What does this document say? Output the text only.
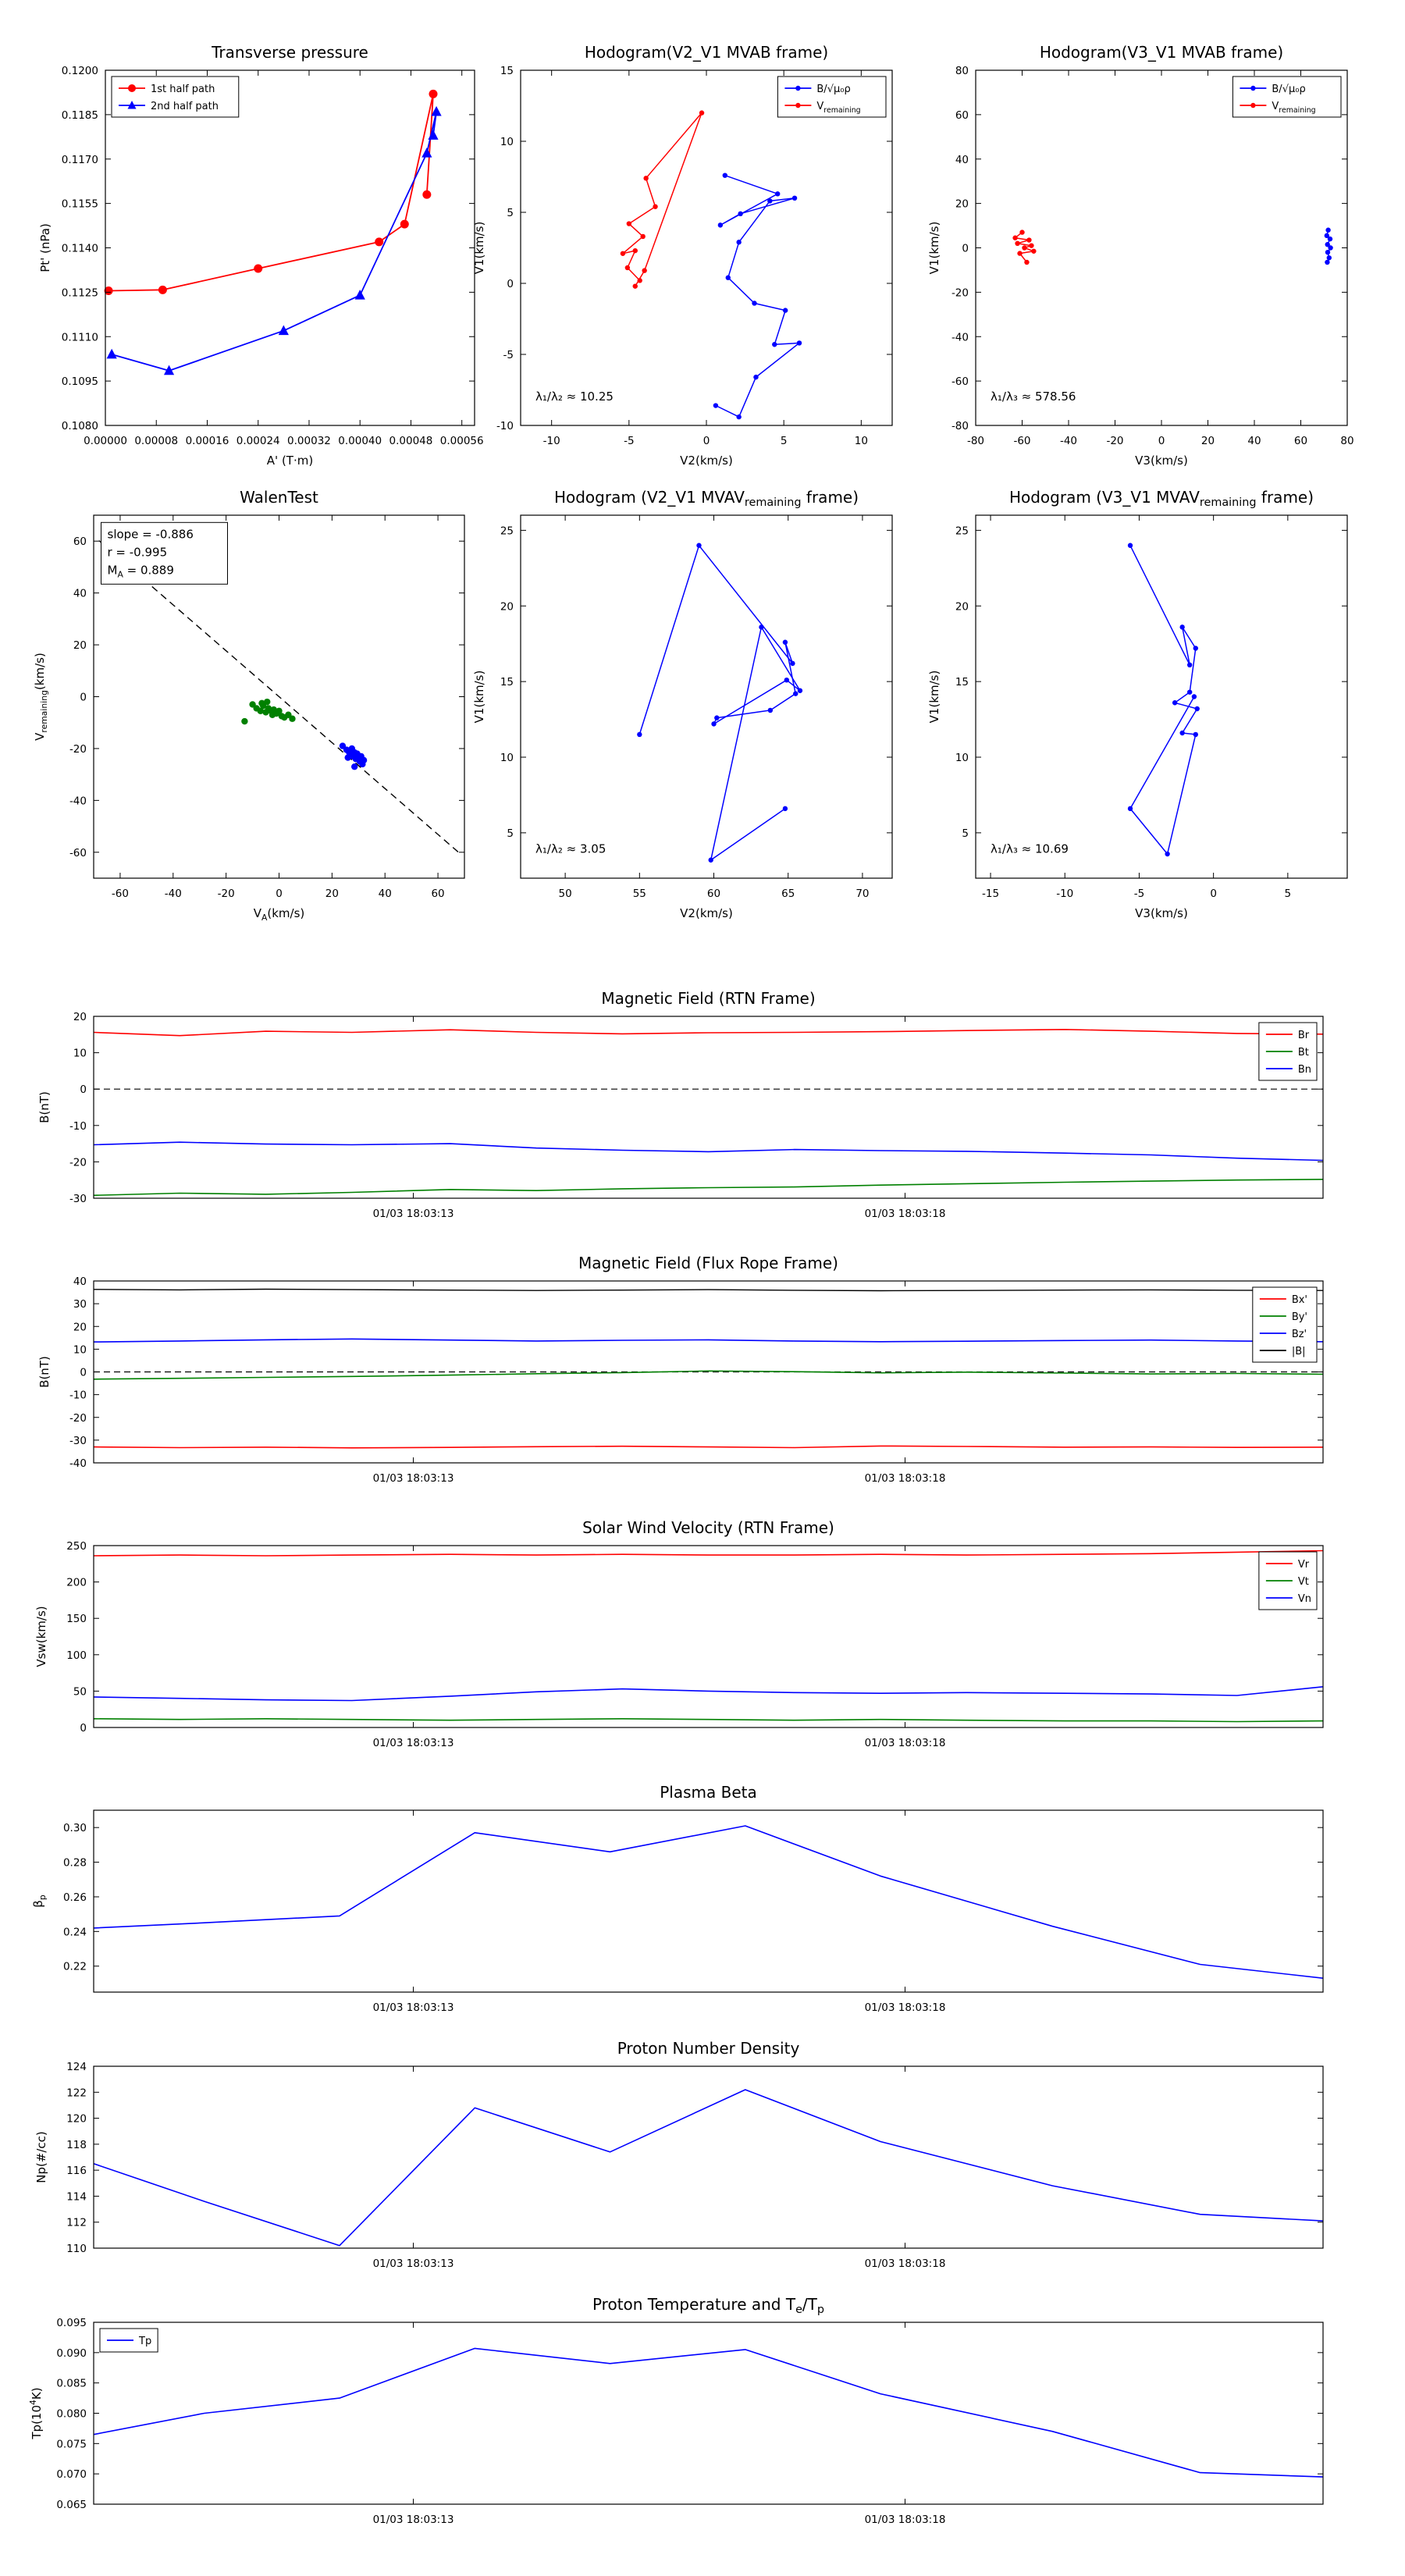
0.00000 0.00008 0.00016 0.00024 0.00032 0.00040 0.00048 0.00056
0.1080
0.1095
0.1110
0.1125
0.1140
0.1155
0.1170
0.1185
0.1200
Transverse pressure
A' (T·m)
Pt' (nPa)
1st half path
2nd half path
-10	-5	0	5	10
-10
-5
0
5
10
15
Hodogram(V2_V1 MVAB frame)
V2(km/s)
V1(km/s)
λ₁/λ₂ ≈ 10.25
B/√μ₀ρ
$V_{remaining}$
-80	-60	-40	-20	0	20	40	60	80
-80
-60
-40
-20
0
20
40
60
80
Hodogram(V3_V1 MVAB frame)
V3(km/s)
V1(km/s)
λ₁/λ₃ ≈ 578.56
B/√μ₀ρ
$V_{remaining}$
-60	-40	-20	0	20	40	60
-60
-40
-20
0
20
40
60
WalenTest
$V_A(km/s)$
$V_{remaining}(km/s)$
slope = -0.886
r = -0.995
$M_A = 0.889$
50	55	60	65	70
5
10
15
20
25
Hodogram (V2_V1 $MVAV_{remaining}$ frame)
V2(km/s)
V1(km/s)
λ₁/λ₂ ≈ 3.05
-15	-10	-5	0	5
5
10
15
20
25
Hodogram (V3_V1 $MVAV_{remaining}$ frame)
V3(km/s)
V1(km/s)
λ₁/λ₃ ≈ 10.69
01/03 18:03:13	01/03 18:03:18
-30
-20
-10
0
10
20
Magnetic Field (RTN Frame)
B(nT)
Br
Bt
Bn
01/03 18:03:13	01/03 18:03:18
-40
-30
-20
-10
0
10
20
30
40
Magnetic Field (Flux Rope Frame)
B(nT)
Bx'
By'
Bz'
|B|
01/03 18:03:13	01/03 18:03:18
0
50
100
150
200
250
Solar Wind Velocity (RTN Frame)
Vsw(km/s)
Vr
Vt
Vn
01/03 18:03:13	01/03 18:03:18
0.22
0.24
0.26
0.28
0.30
Plasma Beta
$\beta_p$
01/03 18:03:13	01/03 18:03:18
110
112
114
116
118
120
122
124
Proton Number Density
Np(#/cc)
01/03 18:03:13	01/03 18:03:18
0.065
0.070
0.075
0.080
0.085
0.090
0.095
Proton Temperature and $T_e/T_p$
$Tp(10^4K)$
Tp
